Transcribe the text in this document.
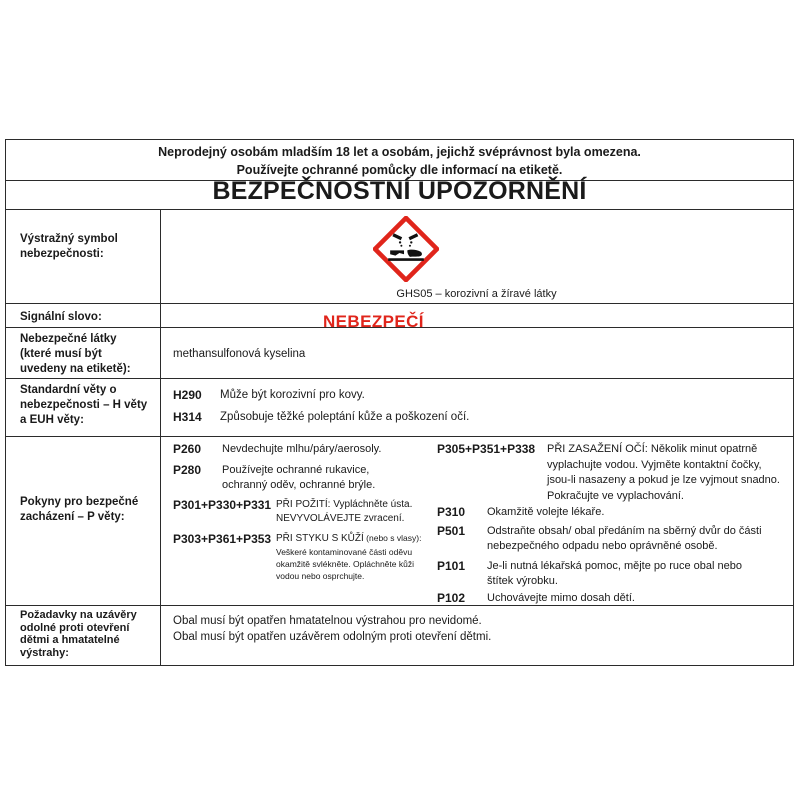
Neprodejný osobám mladším 18 let a osobám, jejichž svéprávnost byla omezena.
Používejte ochranné pomůcky dle informací na etiketě.
BEZPEČNOSTNÍ UPOZORNĚNÍ
Výstražný symbol nebezpečnosti:
GHS05 – korozivní a žíravé látky
Signální slovo:	NEBEZPEČÍ
Nebezpečné látky (které musí být uvedeny na etiketě):
methansulfonová kyselina
Standardní věty o nebezpečnosti – H věty a EUH věty:
H290 Může být korozivní pro kovy.
H314 Způsobuje těžké poleptání kůže a poškození očí.
Pokyny pro bezpečné zacházení – P věty:
P260 Nevdechujte mlhu/páry/aerosoly.
P280 Používejte ochranné rukavice, ochranný oděv, ochranné brýle.
P301+P330+P331 PŘI POŽITÍ: Vypláchněte ústa. NEVYVOLÁVEJTE zvracení.
P303+P361+P353 PŘI STYKU S KŮŽÍ (nebo s vlasy):
Veškeré kontaminované části oděvu okamžitě svlékněte. Opláchněte kůži vodou nebo osprchujte.
P305+P351+P338 PŘI ZASAŽENÍ OČÍ: Několik minut opatrně vyplachujte vodou. Vyjměte kontaktní čočky, jsou-li nasazeny a pokud je lze vyjmout snadno. Pokračujte ve vyplachování.
P310 Okamžitě volejte lékaře.
P501 Odstraňte obsah/ obal předáním na sběrný dvůr do části nebezpečného odpadu nebo oprávněné osobě.
P101 Je-li nutná lékařská pomoc, mějte po ruce obal nebo štítek výrobku.
P102 Uchovávejte mimo dosah dětí.
Požadavky na uzávěry odolné proti otevření dětmi a hmatatelné výstrahy:
Obal musí být opatřen hmatatelnou výstrahou pro nevidomé.
Obal musí být opatřen uzávěrem odolným proti otevření dětmi.
